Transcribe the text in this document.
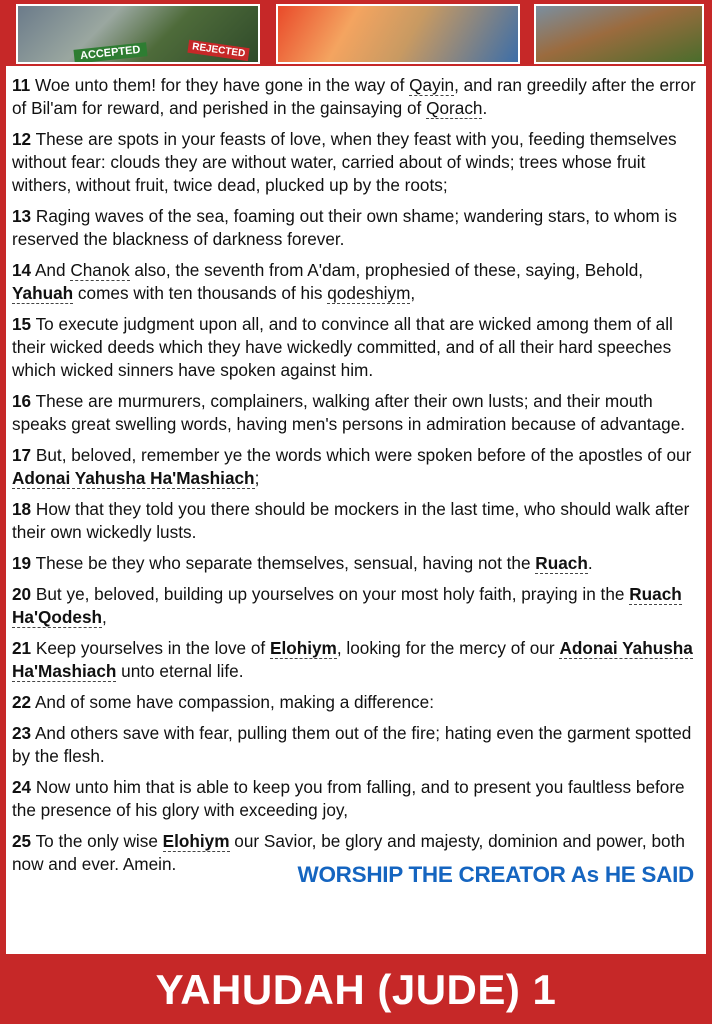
ACCEPTED	REJECTED

11 Woe unto them! for they have gone in the way of Qayin, and ran greedily after the error of Bil'am for reward, and perished in the gainsaying of Qorach.

12 These are spots in your feasts of love, when they feast with you, feeding themselves without fear: clouds they are without water, carried about of winds; trees whose fruit withers, without fruit, twice dead, plucked up by the roots;

13 Raging waves of the sea, foaming out their own shame; wandering stars, to whom is reserved the blackness of darkness forever.

14 And Chanok also, the seventh from A'dam, prophesied of these, saying, Behold, Yahuah comes with ten thousands of his qodeshiym,

15 To execute judgment upon all, and to convince all that are wicked among them of all their wicked deeds which they have wickedly committed, and of all their hard speeches which wicked sinners have spoken against him.

16 These are murmurers, complainers, walking after their own lusts; and their mouth speaks great swelling words, having men's persons in admiration because of advantage.

17 But, beloved, remember ye the words which were spoken before of the apostles of our Adonai Yahusha Ha'Mashiach;

18 How that they told you there should be mockers in the last time, who should walk after their own wickedly lusts.

19 These be they who separate themselves, sensual, having not the Ruach.

20 But ye, beloved, building up yourselves on your most holy faith, praying in the Ruach Ha'Qodesh,

21 Keep yourselves in the love of Elohiym, looking for the mercy of our Adonai Yahusha Ha'Mashiach unto eternal life.

22 And of some have compassion, making a difference:

23 And others save with fear, pulling them out of the fire; hating even the garment spotted by the flesh.

24 Now unto him that is able to keep you from falling, and to present you faultless before the presence of his glory with exceeding joy,

25 To the only wise Elohiym our Savior, be glory and majesty, dominion and power, both now and ever. Amein.	WORSHIP THE CREATOR As HE SAID
YAHUDAH (JUDE) 1
